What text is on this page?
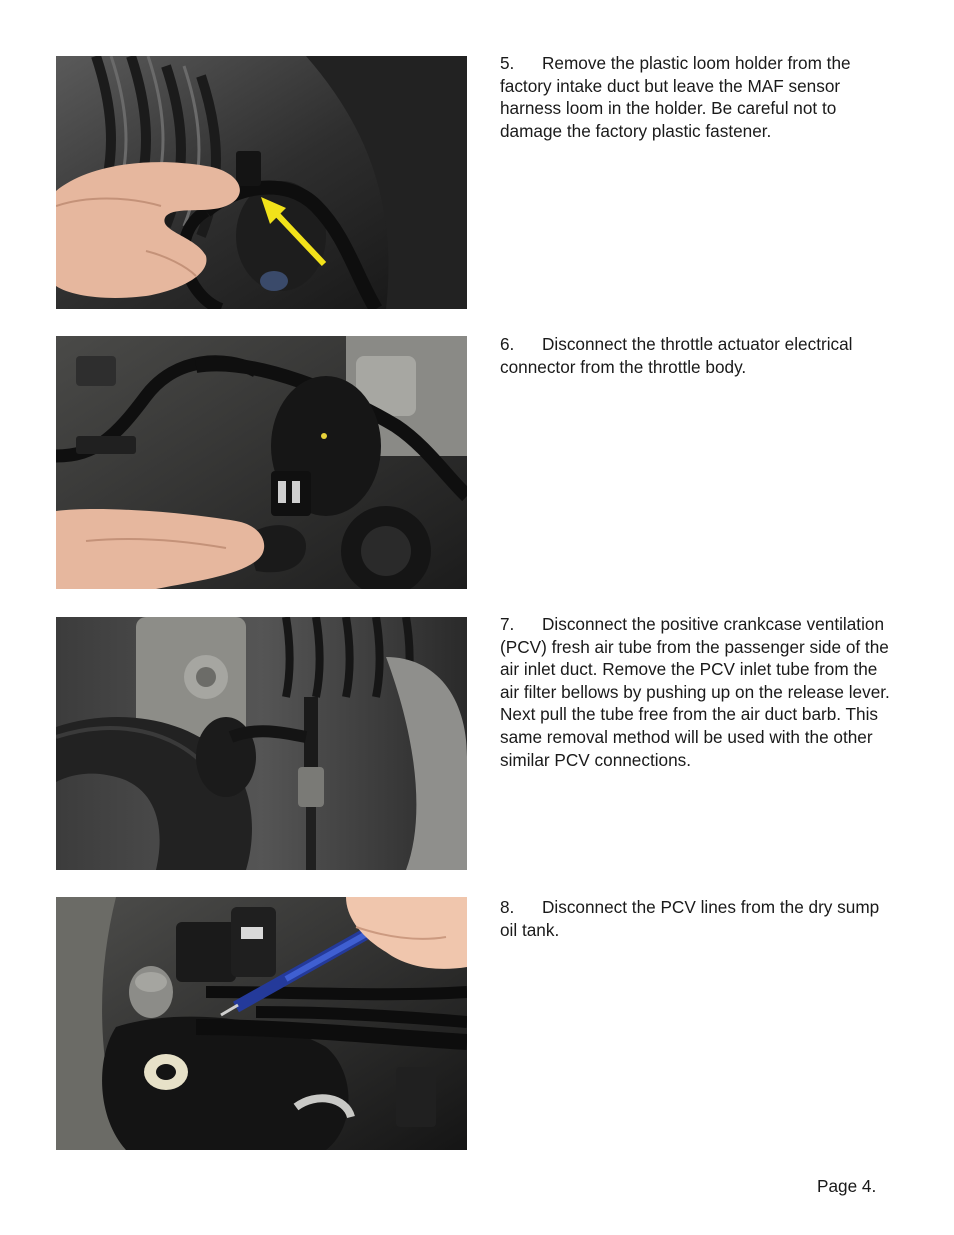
5. Remove the plastic loom holder from the factory intake duct but leave the MAF sensor harness loom in the holder. Be careful not to damage the factory plastic fastener.
6. Disconnect the throttle actuator electrical connector from the throttle body.
7. Disconnect the positive crankcase ventilation (PCV) fresh air tube from the passenger side of the air inlet duct. Remove the PCV inlet tube from the air filter bellows by pushing up on the release lever. Next pull the tube free from the air duct barb. This same removal method will be used with the other similar PCV connections.
8. Disconnect the PCV lines from the dry sump oil tank.
Page 4.
